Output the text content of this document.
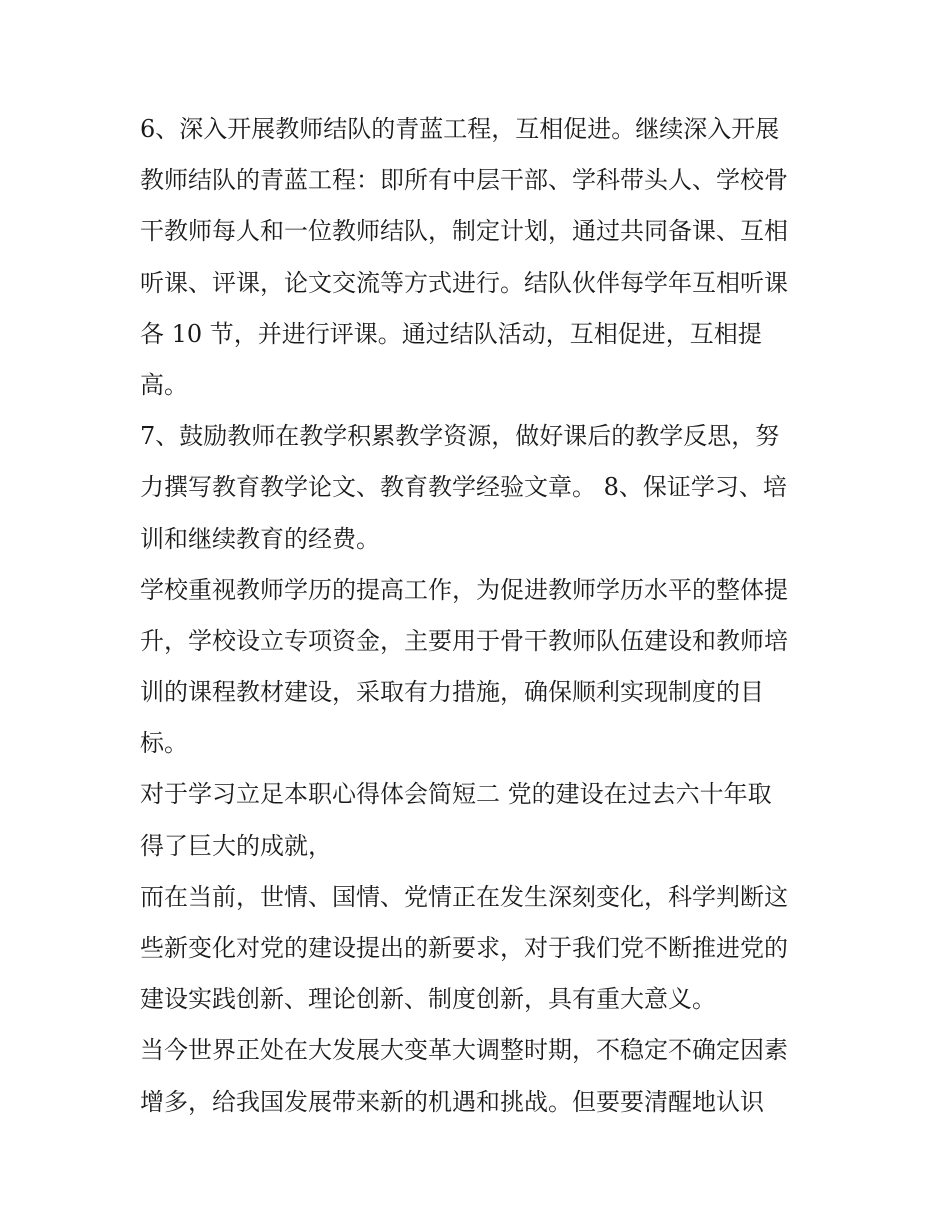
6、深入开展教师结队的青蓝工程，互相促进。继续深入开展
教师结队的青蓝工程：即所有中层干部、学科带头人、学校骨
干教师每人和一位教师结队，制定计划，通过共同备课、互相
听课、评课，论文交流等方式进行。结队伙伴每学年互相听课
各 10 节，并进行评课。通过结队活动，互相促进，互相提
高。
7、鼓励教师在教学积累教学资源，做好课后的教学反思，努
力撰写教育教学论文、教育教学经验文章。 8、保证学习、培
训和继续教育的经费。
学校重视教师学历的提高工作，为促进教师学历水平的整体提
升，学校设立专项资金，主要用于骨干教师队伍建设和教师培
训的课程教材建设，采取有力措施，确保顺利实现制度的目
标。
对于学习立足本职心得体会简短二 党的建设在过去六十年取
得了巨大的成就，
而在当前，世情、国情、党情正在发生深刻变化，科学判断这
些新变化对党的建设提出的新要求，对于我们党不断推进党的
建设实践创新、理论创新、制度创新，具有重大意义。
当今世界正处在大发展大变革大调整时期，不稳定不确定因素
增多，给我国发展带来新的机遇和挑战。但要要清醒地认识
